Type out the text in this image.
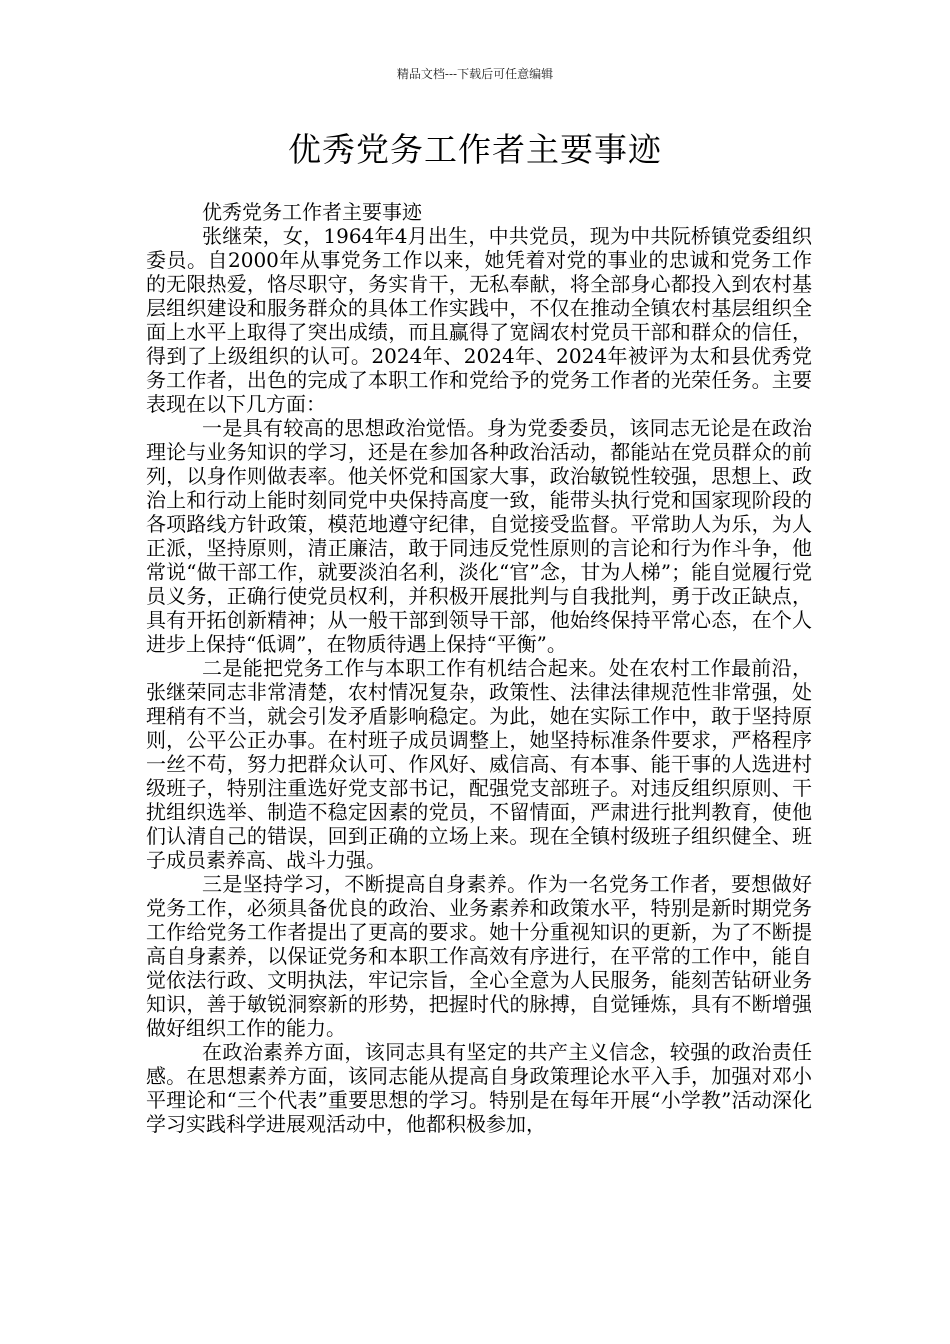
精品文档---下载后可任意编辑
优秀党务工作者主要事迹

优秀党务工作者主要事迹

张继荣，女，1964年4月出生，中共党员，现为中共阮桥镇党委组织委员。自2000年从事党务工作以来，她凭着对党的事业的忠诚和党务工作的无限热爱，恪尽职守，务实肯干，无私奉献，将全部身心都投入到农村基层组织建设和服务群众的具体工作实践中，不仅在推动全镇农村基层组织全面上水平上取得了突出成绩，而且赢得了宽阔农村党员干部和群众的信任，得到了上级组织的认可。2024年、2024年、2024年被评为太和县优秀党务工作者，出色的完成了本职工作和党给予的党务工作者的光荣任务。主要表现在以下几方面：

一是具有较高的思想政治觉悟。身为党委委员，该同志无论是在政治理论与业务知识的学习，还是在参加各种政治活动，都能站在党员群众的前列，以身作则做表率。他关怀党和国家大事，政治敏锐性较强，思想上、政治上和行动上能时刻同党中央保持高度一致，能带头执行党和国家现阶段的各项路线方针政策，模范地遵守纪律，自觉接受监督。平常助人为乐，为人正派，坚持原则，清正廉洁，敢于同违反党性原则的言论和行为作斗争，他常说“做干部工作，就要淡泊名利，淡化“官”念，甘为人梯”；能自觉履行党员义务，正确行使党员权利，并积极开展批判与自我批判，勇于改正缺点，具有开拓创新精神；从一般干部到领导干部，他始终保持平常心态，在个人进步上保持“低调”，在物质待遇上保持“平衡”。

二是能把党务工作与本职工作有机结合起来。处在农村工作最前沿，张继荣同志非常清楚，农村情况复杂，政策性、法律法律规范性非常强，处理稍有不当，就会引发矛盾影响稳定。为此，她在实际工作中，敢于坚持原则，公平公正办事。在村班子成员调整上，她坚持标准条件要求，严格程序一丝不苟，努力把群众认可、作风好、威信高、有本事、能干事的人选进村级班子，特别注重选好党支部书记，配强党支部班子。对违反组织原则、干扰组织选举、制造不稳定因素的党员，不留情面，严肃进行批判教育，使他们认清自己的错误，回到正确的立场上来。现在全镇村级班子组织健全、班子成员素养高、战斗力强。

三是坚持学习，不断提高自身素养。作为一名党务工作者，要想做好党务工作，必须具备优良的政治、业务素养和政策水平，特别是新时期党务工作给党务工作者提出了更高的要求。她十分重视知识的更新，为了不断提高自身素养，以保证党务和本职工作高效有序进行，在平常的工作中，能自觉依法行政、文明执法，牢记宗旨，全心全意为人民服务，能刻苦钻研业务知识，善于敏锐洞察新的形势，把握时代的脉搏，自觉锤炼，具有不断增强做好组织工作的能力。

在政治素养方面，该同志具有坚定的共产主义信念，较强的政治责任感。在思想素养方面，该同志能从提高自身政策理论水平入手，加强对邓小平理论和“三个代表”重要思想的学习。特别是在每年开展“小学教”活动深化学习实践科学进展观活动中，他都积极参加，
